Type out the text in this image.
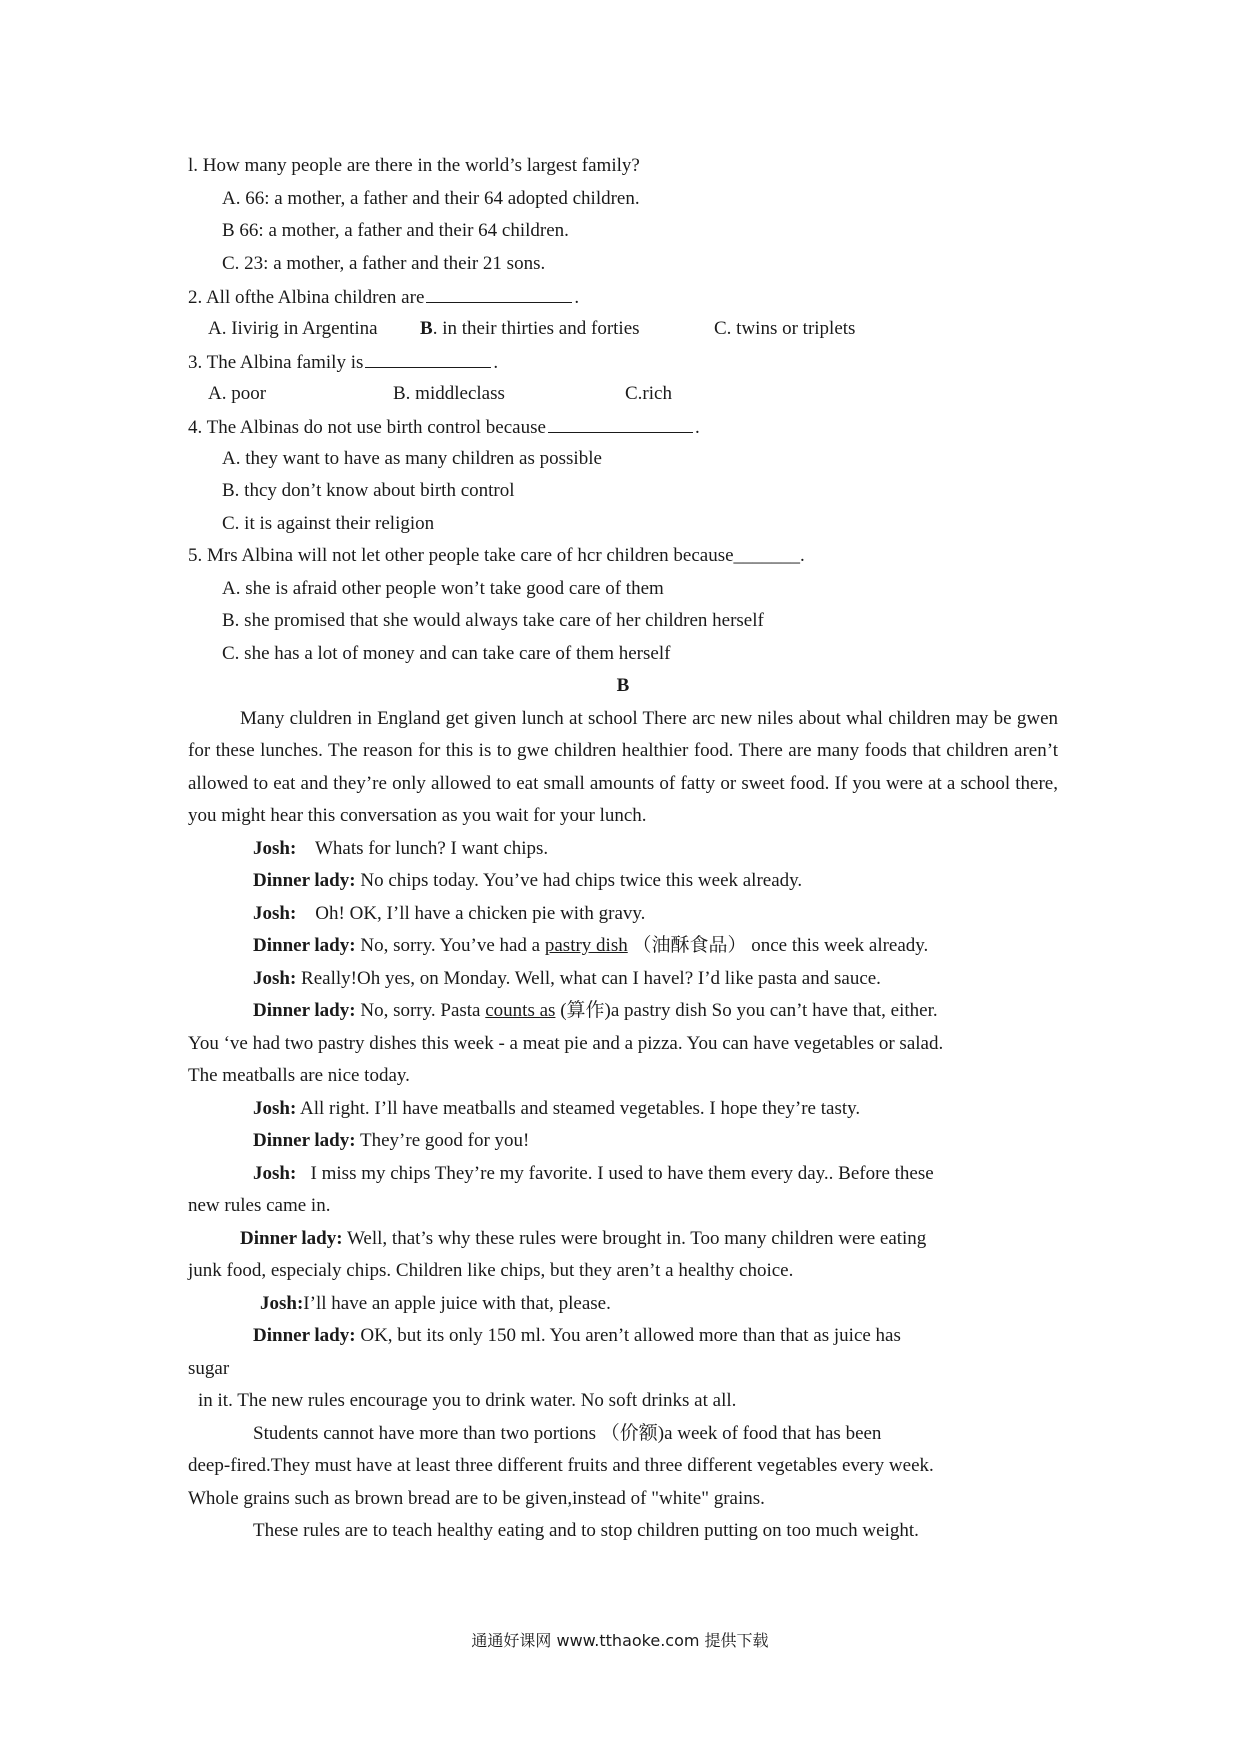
l. How many people are there in the world’s largest family?
A. 66: a mother, a father and their 64 adopted children.
B 66: a mother, a father and their 64 children.
C. 23: a mother, a father and their 21 sons.
2. All ofthe Albina children are	.
A. Iivirig in Argentina B. in their thirties and forties	C. twins or triplets
3. The Albina family is	.
A. poor	B. middleclass	C.rich
4. The Albinas do not use birth control because	.
A. they want to have as many children as possible
B. thcy don’t know about birth control
C. it is against their religion
5. Mrs Albina will not let other people take care of hcr children because_______.
A. she is afraid other people won’t take good care of them
B. she promised that she would always take care of her children herself
C. she has a lot of money and can take care of them herself
B
Many cluldren in England get given lunch at school There arc new niles about whal children may be gwen for these lunches. The reason for this is to gwe children healthier food. There are many foods that children aren’t allowed to eat and they’re only allowed to eat small amounts of fatty or sweet food. If you were at a school there, you might hear this conversation as you wait for your lunch.
Josh: Whats for lunch? I want chips.
Dinner lady: No chips today. You’ve had chips twice this week already.
Josh: Oh! OK, I’ll have a chicken pie with gravy.
Dinner lady: No, sorry. You’ve had a pastry dish （油酥食品） once this week already.
Josh: Really!Oh yes, on Monday. Well, what can I havel? I’d like pasta and sauce.
Dinner lady: No, sorry. Pasta counts as (算作)a pastry dish So you can’t have that, either.
You ‘ve had two pastry dishes this week - a meat pie and a pizza. You can have vegetables or salad.
The meatballs are nice today.
Josh: All right. I’ll have meatballs and steamed vegetables. I hope they’re tasty.
Dinner lady: They’re good for you!
Josh: I miss my chips They’re my favorite. I used to have them every day.. Before these
new rules came in.
Dinner lady: Well, that’s why these rules were brought in. Too many children were eating
junk food, especialy chips. Children like chips, but they aren’t a healthy choice.
Josh:I’ll have an apple juice with that, please.
Dinner lady: OK, but its only 150 ml. You aren’t allowed more than that as juice has
sugar
in it. The new rules encourage you to drink water. No soft drinks at all.
Students cannot have more than two portions （价额)a week of food that has been
deep-fired.They must have at least three different fruits and three different vegetables every week.
Whole grains such as brown bread are to be given,instead of "white" grains.
These rules are to teach healthy eating and to stop children putting on too much weight.
通通好课网 www.tthaoke.com 提供下载
